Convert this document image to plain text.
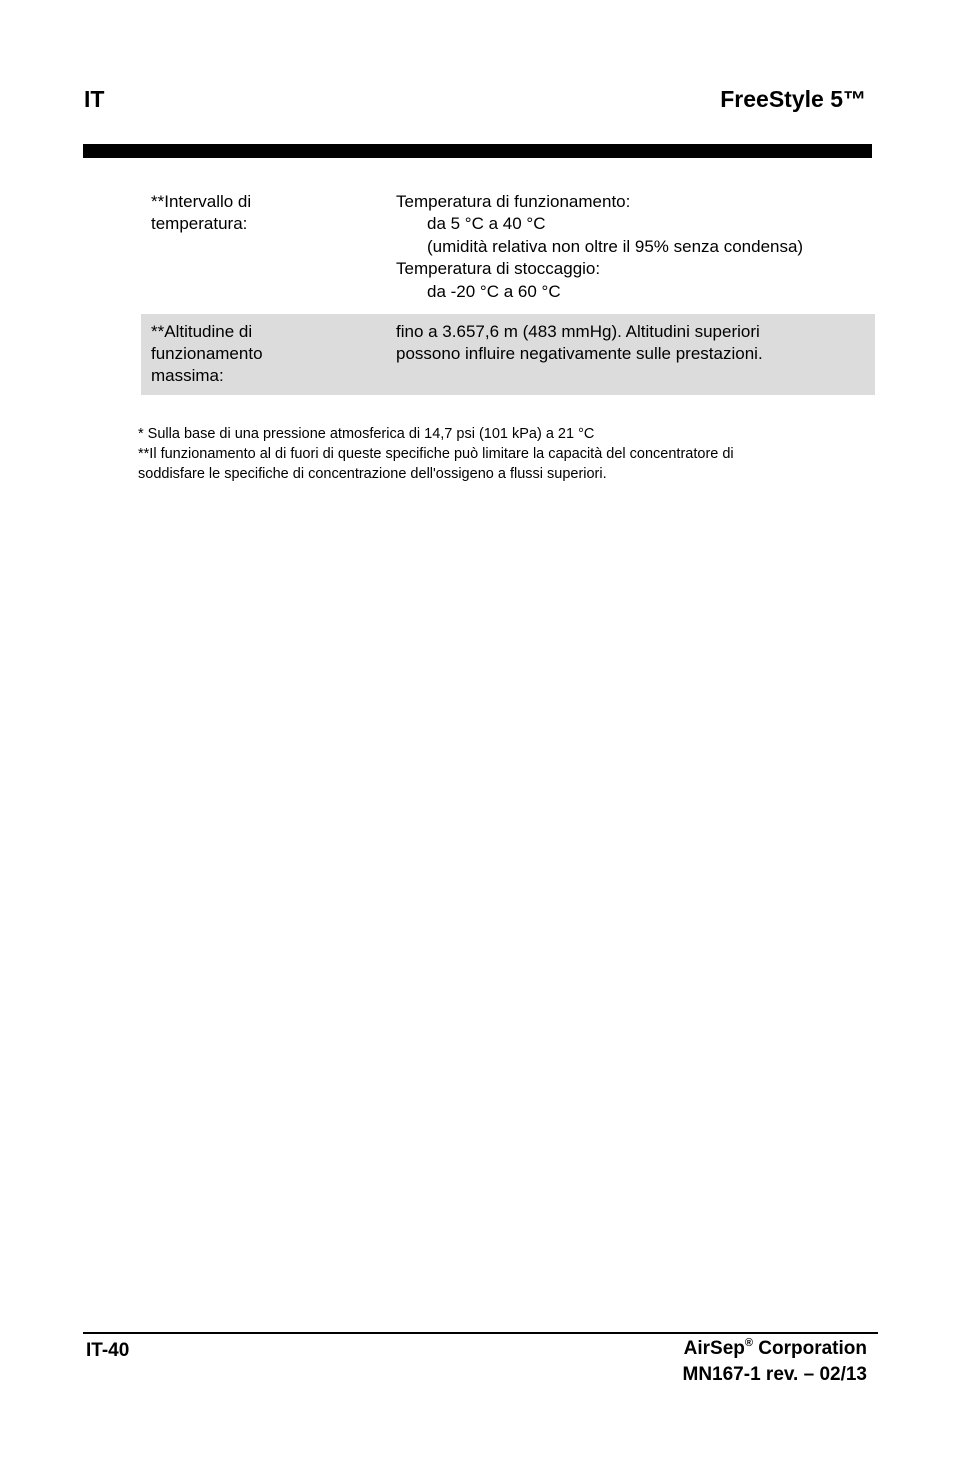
IT	FreeStyle 5™
**Intervallo di
temperatura:
Temperatura di funzionamento:
da 5 °C a 40 °C
(umidità relativa non oltre il 95% senza condensa)
Temperatura di stoccaggio:
da -20 °C a 60 °C
**Altitudine di
funzionamento
massima:
fino a 3.657,6 m (483 mmHg). Altitudini superiori
possono influire negativamente sulle prestazioni.
* Sulla base di una pressione atmosferica di 14,7 psi (101 kPa) a 21 °C
**Il funzionamento al di fuori di queste specifiche può limitare la capacità del concentratore di
soddisfare le specifiche di concentrazione dell'ossigeno a flussi superiori.
IT-40	AirSep® Corporation
MN167-1 rev. – 02/13
